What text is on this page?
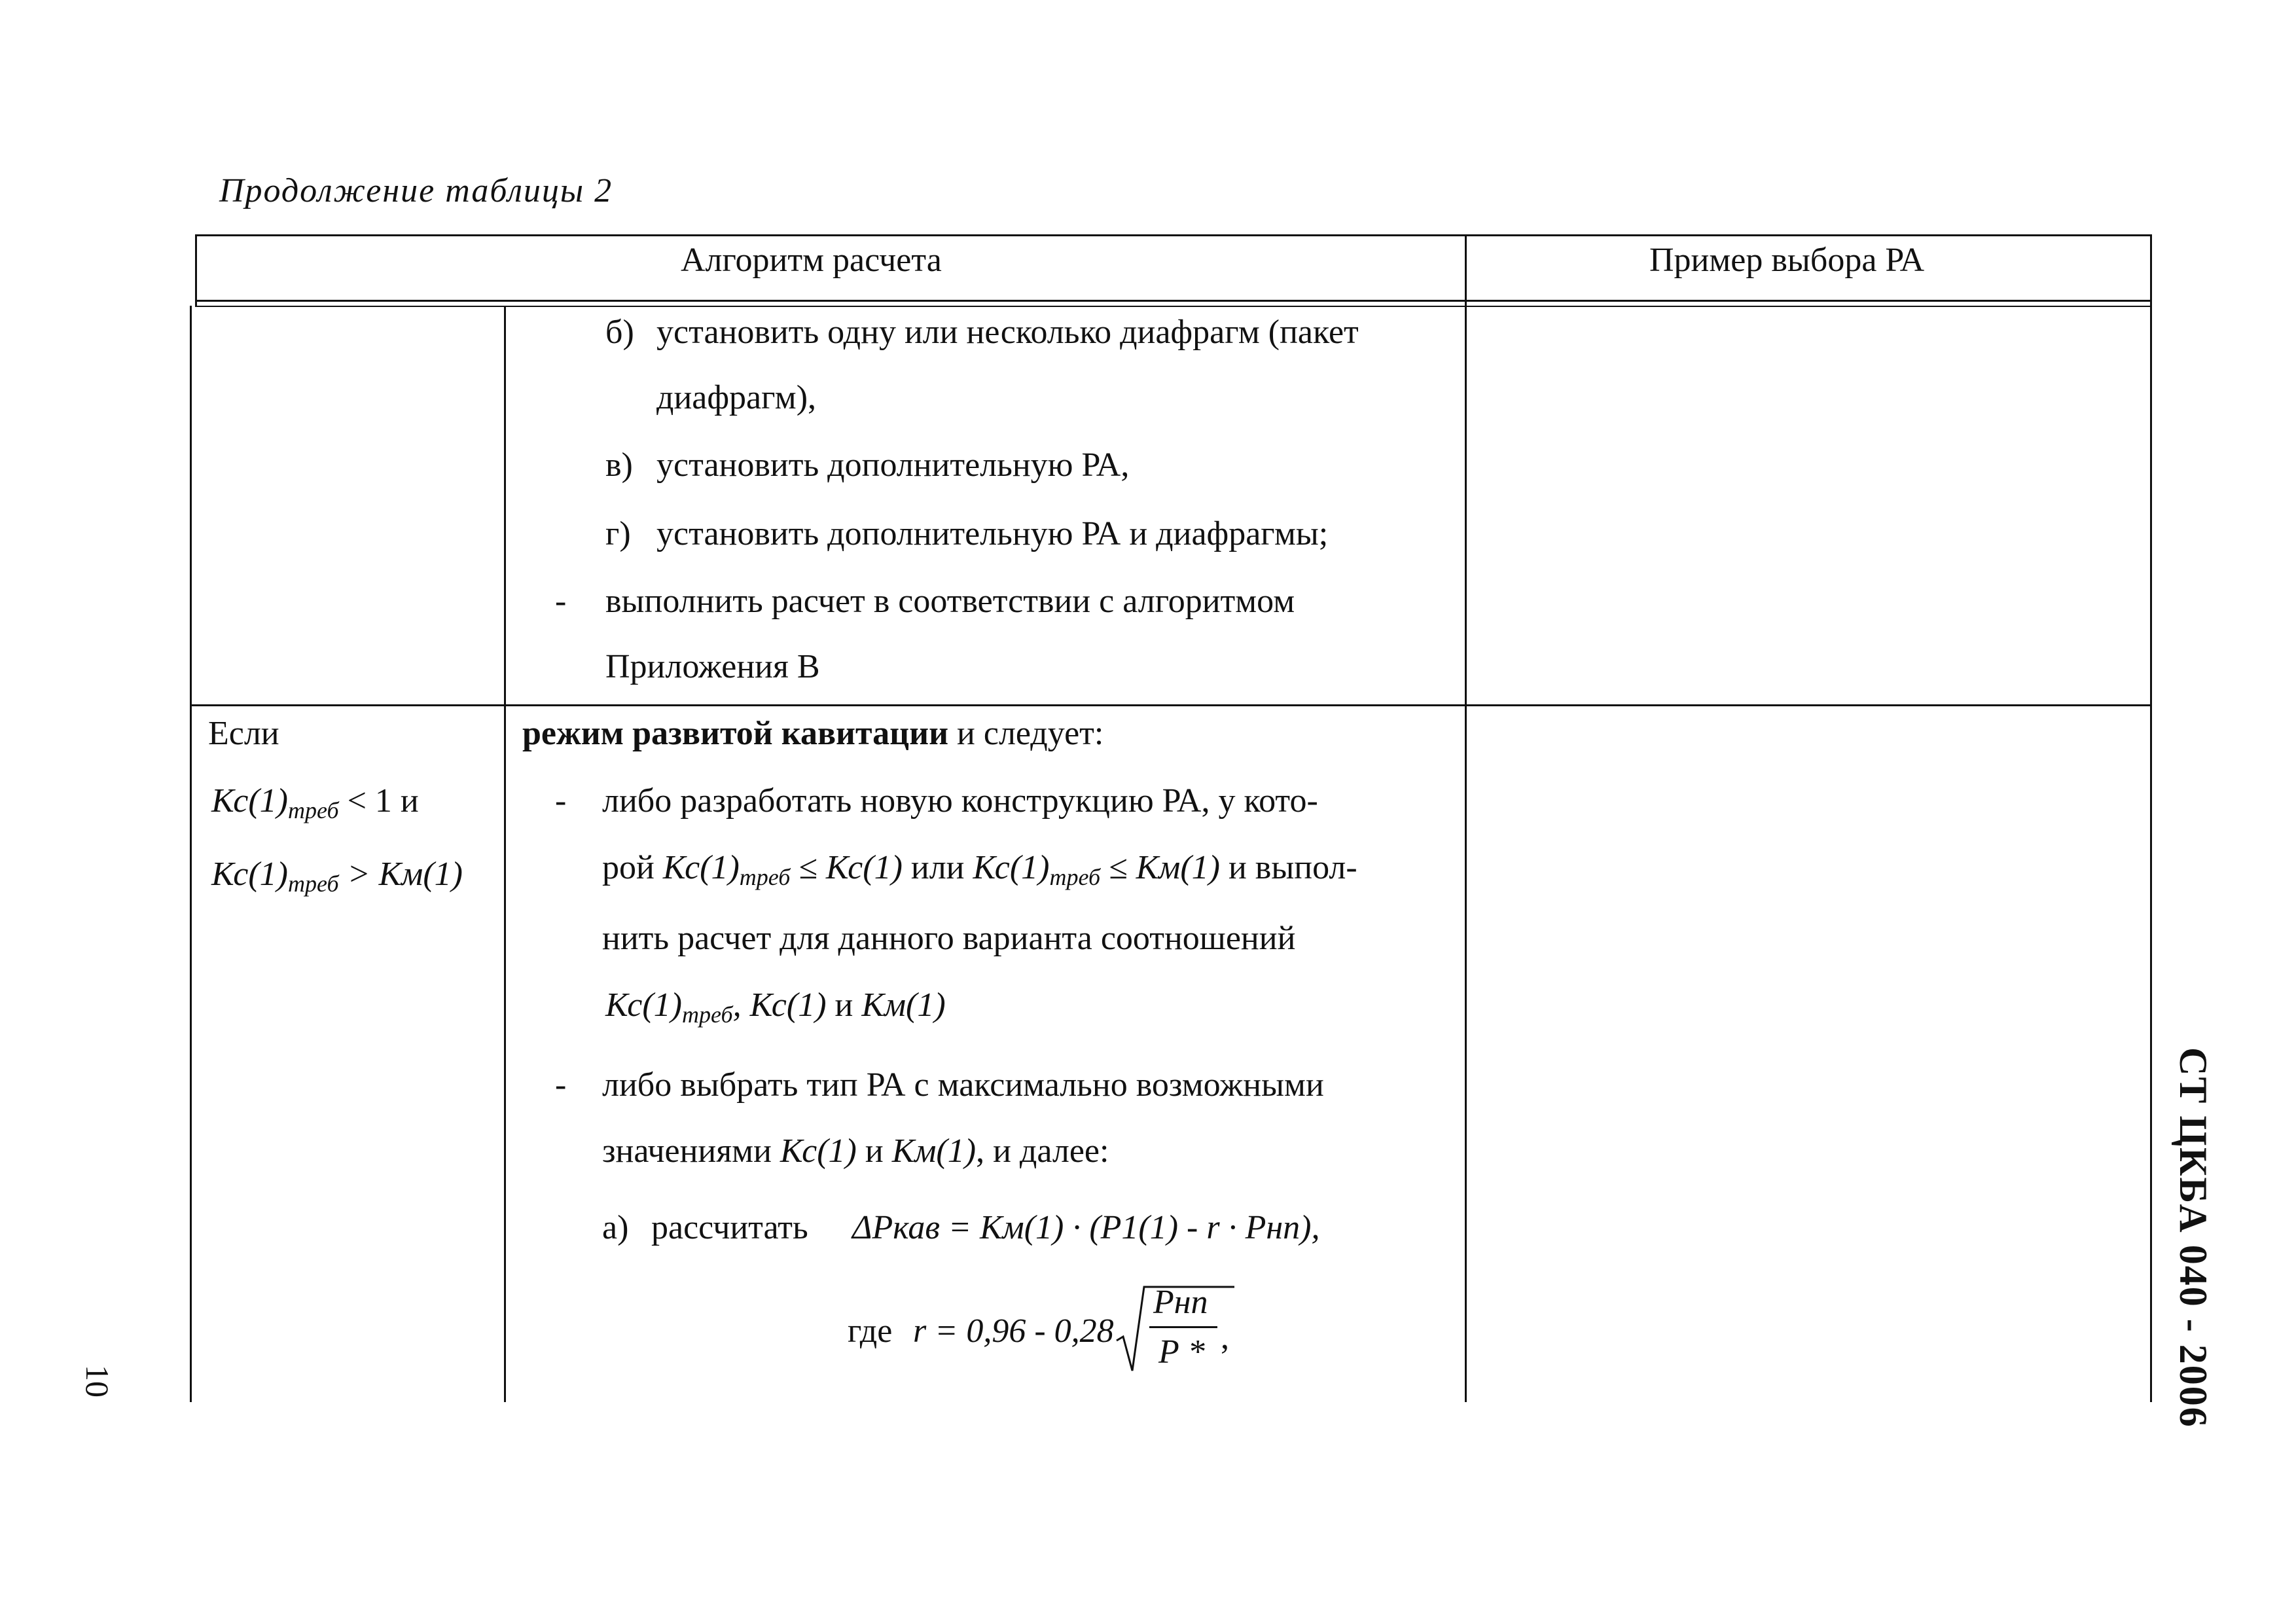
Продолжение таблицы 2
10	СТ ЦКБА 040 - 2006
Алгоритм расчета	Пример выбора РА
б) установить одну или несколько диафрагм (пакет
диафрагм),
в) установить дополнительную РА,
г) установить дополнительную РА и диафрагмы;
- выполнить расчет в соответствии с алгоритмом
Приложения В
Если
$Кс(1)_{треб} < 1$ и
$Кс(1)_{треб} > Км(1)$
режим развитой кавитации и следует:
- либо разработать новую конструкцию РА, у кото-
рой $Кс(1)_{треб} \le Кс(1)$ или $Кс(1)_{треб} \le Км(1)$ и выпол-
нить расчет для данного варианта соотношений
$Кс(1)_{треб}$, Кс(1) и Км(1)
- либо выбрать тип РА с максимально возможными
значениями Кс(1) и Км(1), и далее:
а) рассчитать ΔРкав = Км(1) · (Р1(1) - r · Рнп),
где r = 0,96 - 0,28
Рнп
Р * ,
